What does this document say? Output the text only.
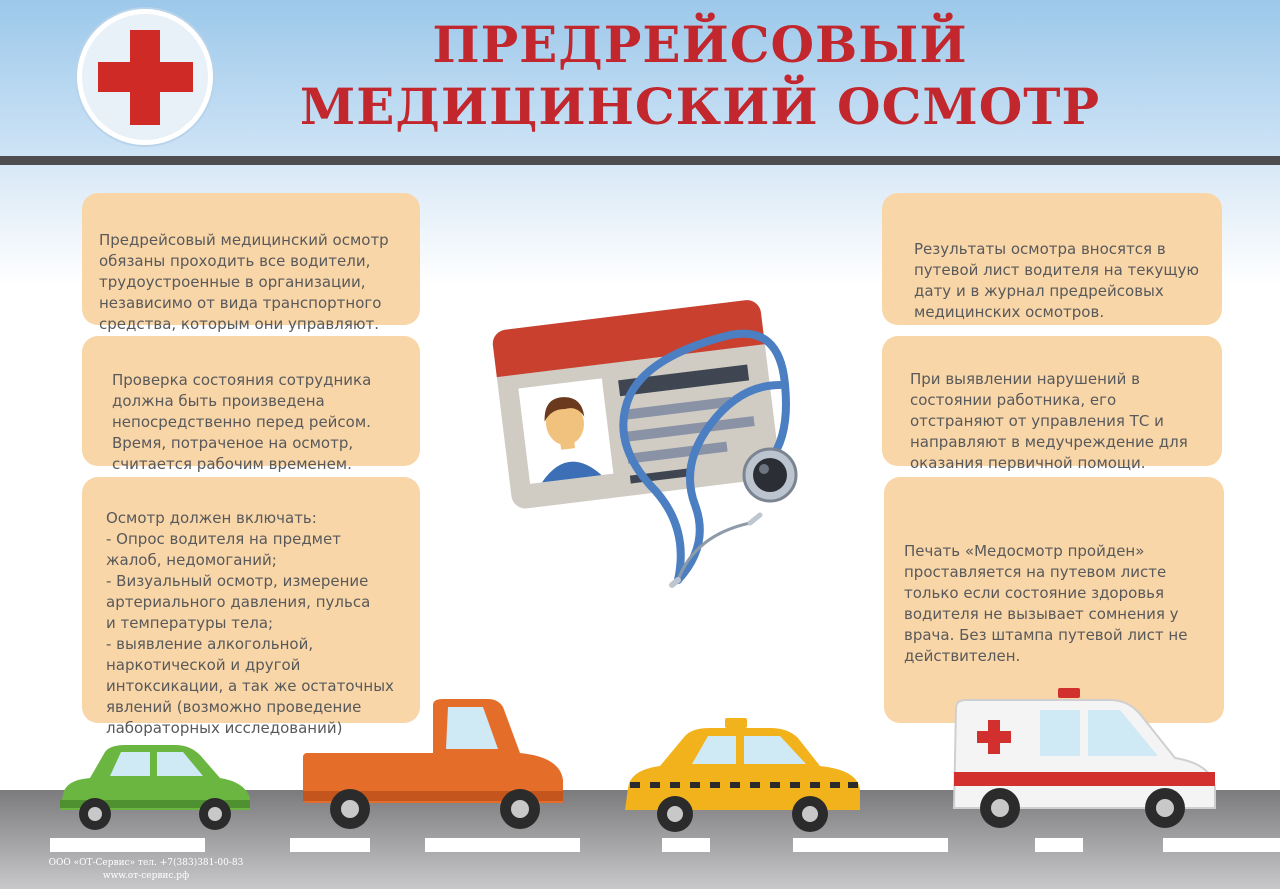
ПРЕДРЕЙСОВЫЙ
МЕДИЦИНСКИЙ ОСМОТР

Предрейсовый медицинский осмотр
обязаны проходить все водители,
трудоустроенные в организации,
независимо от вида транспортного
средства, которым они управляют.

Проверка состояния сотрудника
должна быть произведена
непосредственно перед рейсом.
Время, потраченое на осмотр,
считается рабочим временем.

Осмотр должен включать:
- Опрос водителя на предмет
жалоб, недомоганий;
- Визуальный осмотр, измерение
артериального давления, пульса
и температуры тела;
- выявление алкогольной,
наркотической и другой
интоксикации, а так же остаточных
явлений (возможно проведение
лабораторных исследований)

Результаты осмотра вносятся в
путевой лист водителя на текущую
дату и в журнал предрейсовых
медицинских осмотров.

При выявлении нарушений в
состоянии работника, его
отстраняют от управления ТС и
направляют в медучреждение для
оказания первичной помощи.

Печать «Медосмотр пройден»
проставляется на путевом листе
только если состояние здоровья
водителя не вызывает сомнения у
врача. Без штампа путевой лист не
действителен.

ООО «ОТ-Сервис» тел. +7(383)381-00-83
www.от-сервис.рф
